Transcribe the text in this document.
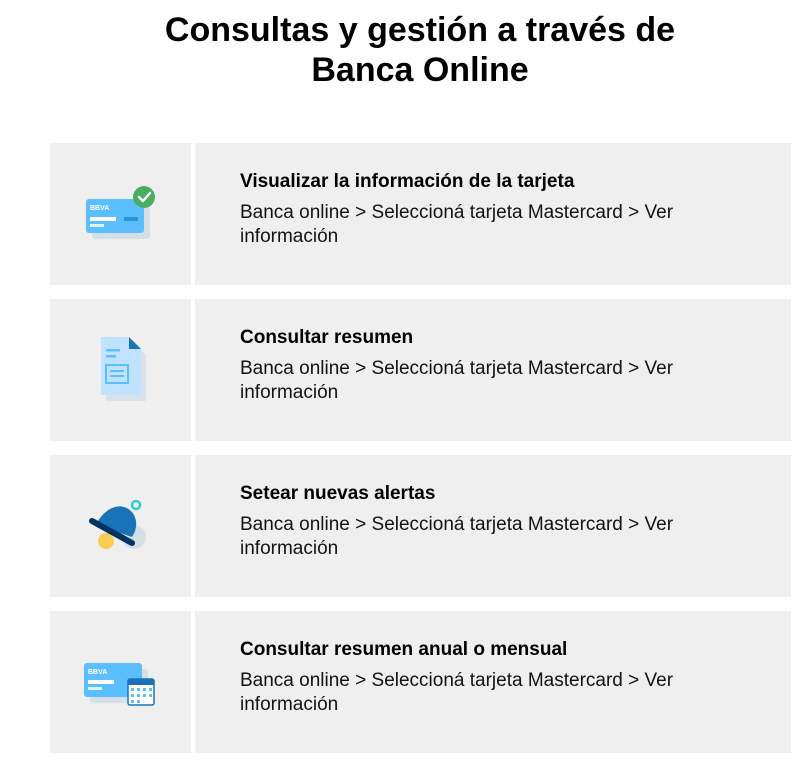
Consultas y gestión a través de
Banca Online
BBVA

Visualizar la información de la tarjeta

Banca online > Seleccioná tarjeta Mastercard > Ver información

Consultar resumen

Banca online > Seleccioná tarjeta Mastercard > Ver información

Setear nuevas alertas

Banca online > Seleccioná tarjeta Mastercard > Ver información

BBVA

Consultar resumen anual o mensual

Banca online > Seleccioná tarjeta Mastercard > Ver información
